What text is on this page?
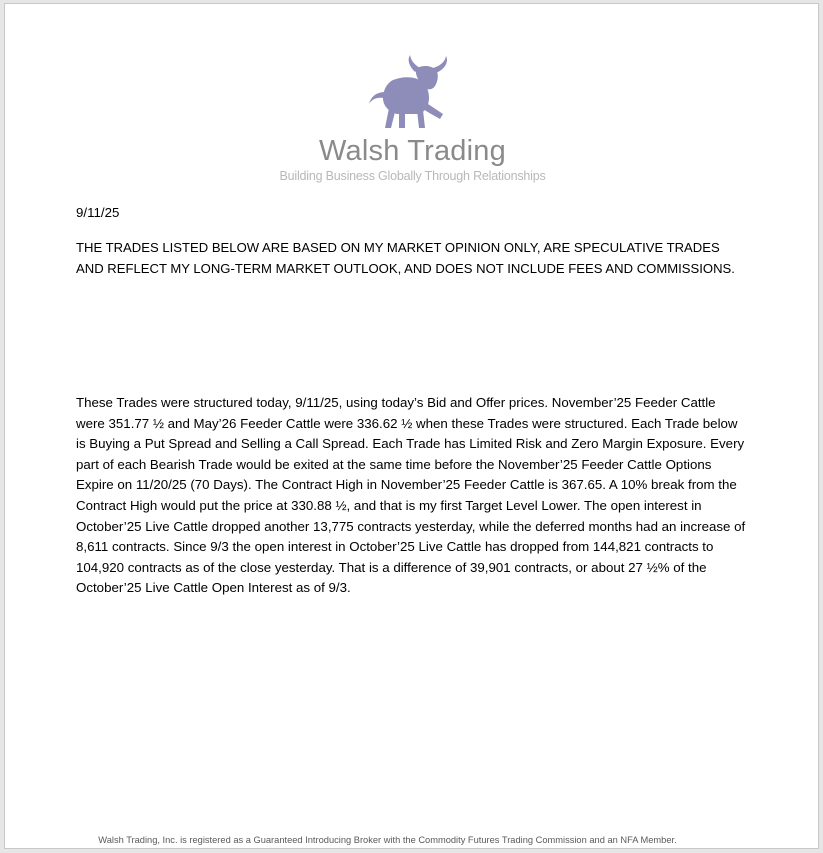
Walsh Trading
Building Business Globally Through Relationships
9/11/25

THE TRADES LISTED BELOW ARE BASED ON MY MARKET OPINION ONLY, ARE SPECULATIVE TRADES AND REFLECT MY LONG-TERM MARKET OUTLOOK, AND DOES NOT INCLUDE FEES AND COMMISSIONS.

These Trades were structured today, 9/11/25, using today’s Bid and Offer prices. November’25 Feeder Cattle were 351.77 ½ and May’26 Feeder Cattle were 336.62 ½ when these Trades were structured. Each Trade below is Buying a Put Spread and Selling a Call Spread. Each Trade has Limited Risk and Zero Margin Exposure. Every part of each Bearish Trade would be exited at the same time before the November’25 Feeder Cattle Options Expire on 11/20/25 (70 Days). The Contract High in November’25 Feeder Cattle is 367.65. A 10% break from the Contract High would put the price at 330.88 ½, and that is my first Target Level Lower. The open interest in October’25 Live Cattle dropped another 13,775 contracts yesterday, while the deferred months had an increase of 8,611 contracts. Since 9/3 the open interest in October’25 Live Cattle has dropped from 144,821 contracts to 104,920 contracts as of the close yesterday. That is a difference of 39,901 contracts, or about 27 ½% of the October’25 Live Cattle Open Interest as of 9/3.

Walsh Trading, Inc. is registered as a Guaranteed Introducing Broker with the Commodity Futures Trading Commission and an NFA Member.
